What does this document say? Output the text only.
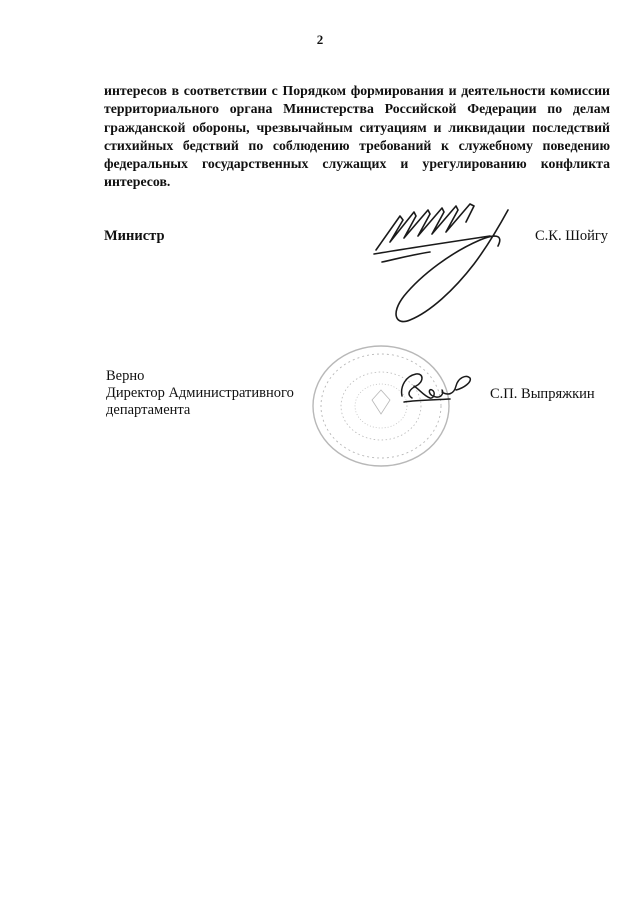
2

интересов в соответствии с Порядком формирования и деятельности комиссии территориального органа Министерства Российской Федерации по делам гражданской обороны, чрезвычайным ситуациям и ликвидации последствий стихийных бедствий по соблюдению требований к служебному поведению федеральных государственных служащих и урегулированию конфликта интересов.

Министр	С.К. Шойгу
Верно
Директор Административного
департамента
С.П. Выпряжкин
